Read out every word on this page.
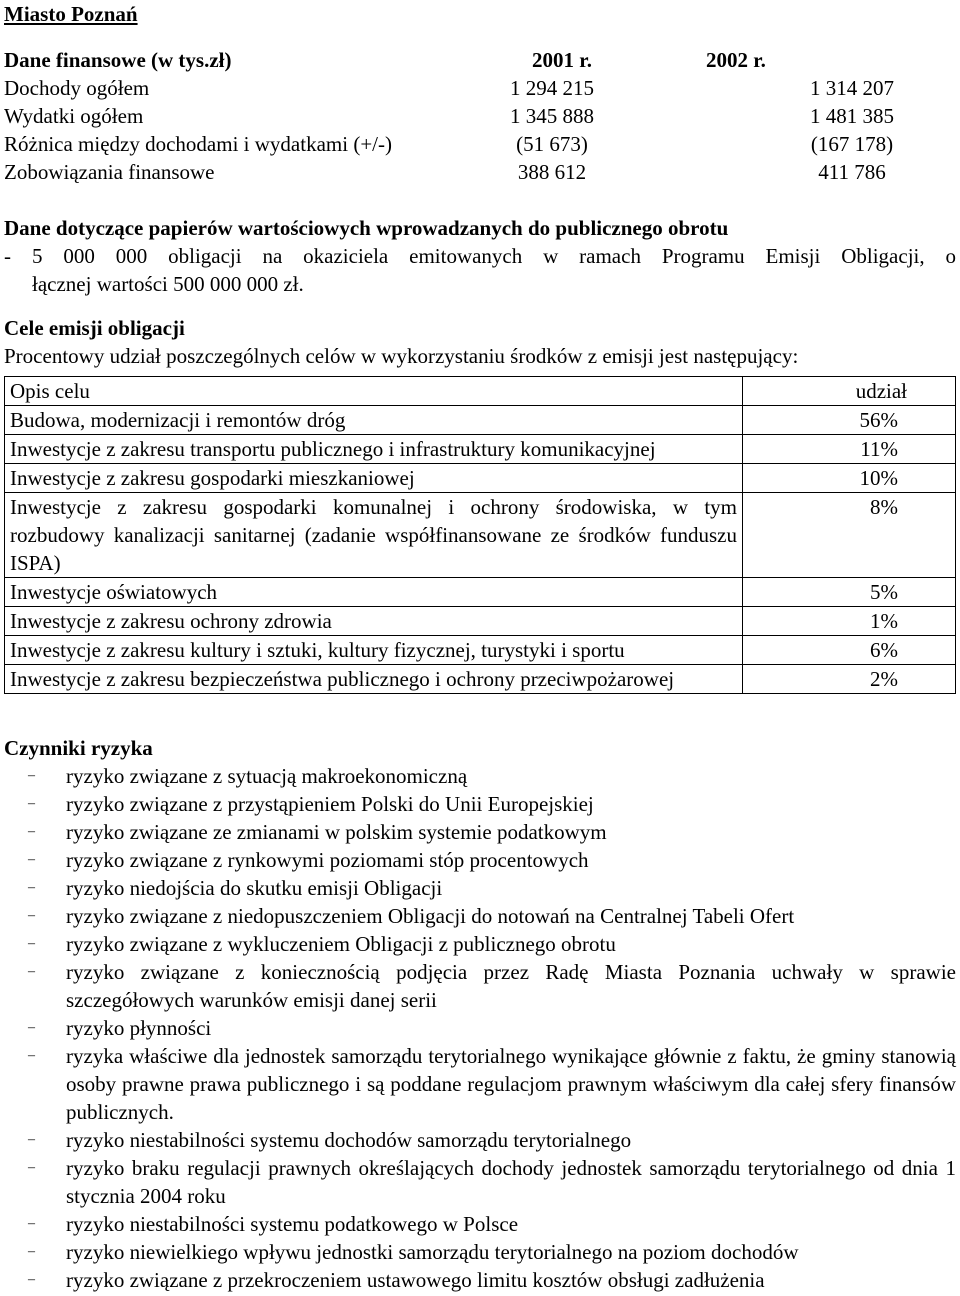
Miasto Poznań
Dane finansowe (w tys.zł)	2001 r.	2002 r.
Dochody ogółem	1 294 215	1 314 207
Wydatki ogółem	1 345 888	1 481 385
Różnica między dochodami i wydatkami (+/-)	(51 673)	(167 178)
Zobowiązania finansowe	388 612	411 786
Dane dotyczące papierów wartościowych wprowadzanych do publicznego obrotu
- 5 000 000 obligacji na okaziciela emitowanych w ramach Programu Emisji Obligacji, o
łącznej wartości 500 000 000 zł.
Cele emisji obligacji
Procentowy udział poszczególnych celów w wykorzystaniu środków z emisji jest następujący:
Opis celu	udział
Budowa, modernizacji i remontów dróg	56%
Inwestycje z zakresu transportu publicznego i infrastruktury komunikacyjnej	11%
Inwestycje z zakresu gospodarki mieszkaniowej	10%
Inwestycje z zakresu gospodarki komunalnej i ochrony środowiska, w tym rozbudowy kanalizacji sanitarnej (zadanie współfinansowane ze środków funduszu ISPA)	8%
Inwestycje oświatowych	5%
Inwestycje z zakresu ochrony zdrowia	1%
Inwestycje z zakresu kultury i sztuki, kultury fizycznej, turystyki i sportu	6%
Inwestycje z zakresu bezpieczeństwa publicznego i ochrony przeciwpożarowej	2%
Czynniki ryzyka
– ryzyko związane z sytuacją makroekonomiczną
– ryzyko związane z przystąpieniem Polski do Unii Europejskiej
– ryzyko związane ze zmianami w polskim systemie podatkowym
– ryzyko związane z rynkowymi poziomami stóp procentowych
– ryzyko niedojścia do skutku emisji Obligacji
– ryzyko związane z niedopuszczeniem Obligacji do notowań na Centralnej Tabeli Ofert
– ryzyko związane z wykluczeniem Obligacji z publicznego obrotu
– ryzyko związane z koniecznością podjęcia przez Radę Miasta Poznania uchwały w sprawie szczegółowych warunków emisji danej serii
– ryzyko płynności
– ryzyka właściwe dla jednostek samorządu terytorialnego wynikające głównie z faktu, że gminy stanowią osoby prawne prawa publicznego i są poddane regulacjom prawnym właściwym dla całej sfery finansów publicznych.
– ryzyko niestabilności systemu dochodów samorządu terytorialnego
– ryzyko braku regulacji prawnych określających dochody jednostek samorządu terytorialnego od dnia 1 stycznia 2004 roku
– ryzyko niestabilności systemu podatkowego w Polsce
– ryzyko niewielkiego wpływu jednostki samorządu terytorialnego na poziom dochodów
– ryzyko związane z przekroczeniem ustawowego limitu kosztów obsługi zadłużenia
